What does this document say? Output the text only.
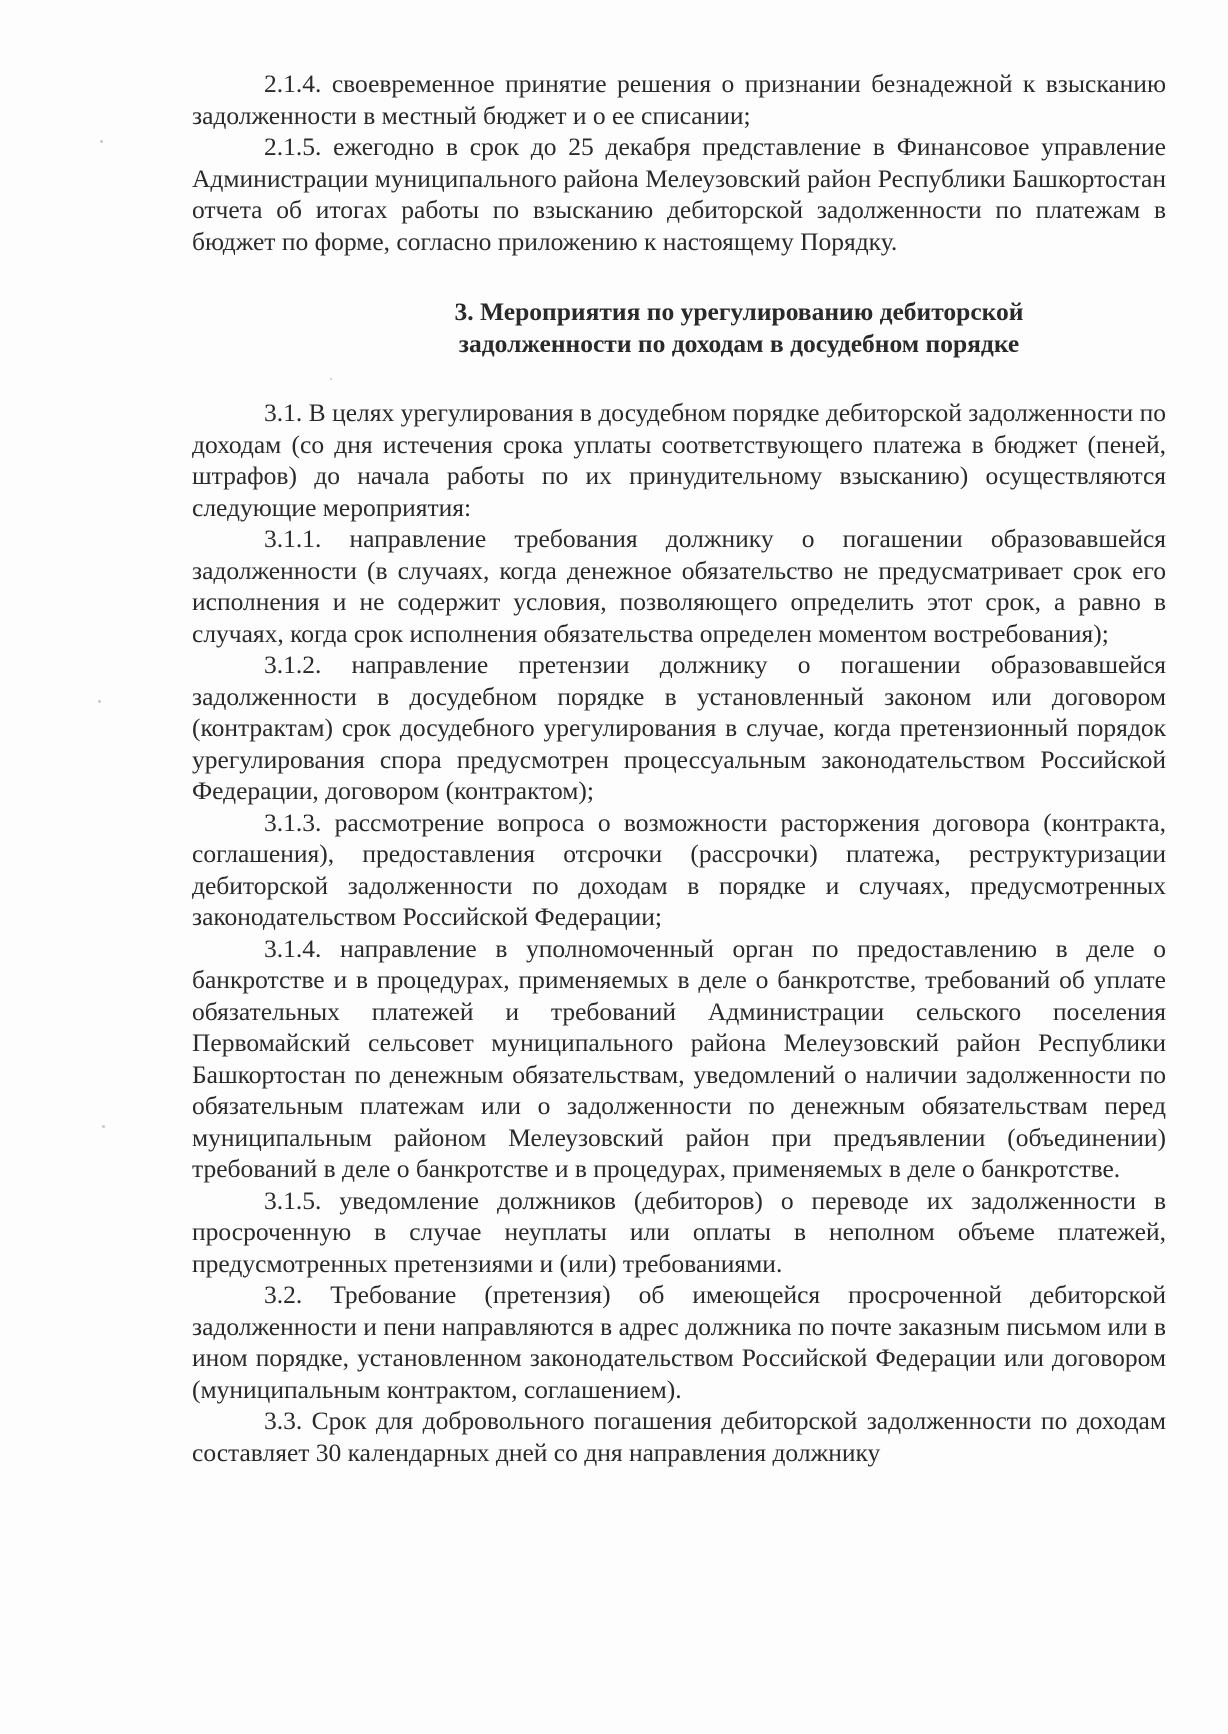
2.1.4. своевременное принятие решения о признании безнадежной к взысканию задолженности в местный бюджет и о ее списании;

2.1.5. ежегодно в срок до 25 декабря представление в Финансовое управление Администрации муниципального района Мелеузовский район Республики Башкортостан отчета об итогах работы по взысканию дебиторской задолженности по платежам в бюджет по форме, согласно приложению к настоящему Порядку.

3. Мероприятия по урегулированию дебиторской
задолженности по доходам в досудебном порядке

3.1. В целях урегулирования в досудебном порядке дебиторской задолженности по доходам (со дня истечения срока уплаты соответствующего платежа в бюджет (пеней, штрафов) до начала работы по их принудительному взысканию) осуществляются следующие мероприятия:

3.1.1. направление требования должнику о погашении образовавшейся задолженности (в случаях, когда денежное обязательство не предусматривает срок его исполнения и не содержит условия, позволяющего определить этот срок, а равно в случаях, когда срок исполнения обязательства определен моментом востребования);

3.1.2. направление претензии должнику о погашении образовавшейся задолженности в досудебном порядке в установленный законом или договором (контрактам) срок досудебного урегулирования в случае, когда претензионный порядок урегулирования спора предусмотрен процессуальным законодательством Российской Федерации, договором (контрактом);

3.1.3. рассмотрение вопроса о возможности расторжения договора (контракта, соглашения), предоставления отсрочки (рассрочки) платежа, реструктуризации дебиторской задолженности по доходам в порядке и случаях, предусмотренных законодательством Российской Федерации;

3.1.4. направление в уполномоченный орган по предоставлению в деле о банкротстве и в процедурах, применяемых в деле о банкротстве, требований об уплате обязательных платежей и требований Администрации сельского поселения Первомайский сельсовет муниципального района Мелеузовский район Республики Башкортостан по денежным обязательствам, уведомлений о наличии задолженности по обязательным платежам или о задолженности по денежным обязательствам перед муниципальным районом Мелеузовский район при предъявлении (объединении) требований в деле о банкротстве и в процедурах, применяемых в деле о банкротстве.

3.1.5. уведомление должников (дебиторов) о переводе их задолженности в просроченную в случае неуплаты или оплаты в неполном объеме платежей, предусмотренных претензиями и (или) требованиями.

3.2. Требование (претензия) об имеющейся просроченной дебиторской задолженности и пени направляются в адрес должника по почте заказным письмом или в ином порядке, установленном законодательством Российской Федерации или договором (муниципальным контрактом, соглашением).

3.3. Срок для добровольного погашения дебиторской задолженности по доходам составляет 30 календарных дней со дня направления должнику
